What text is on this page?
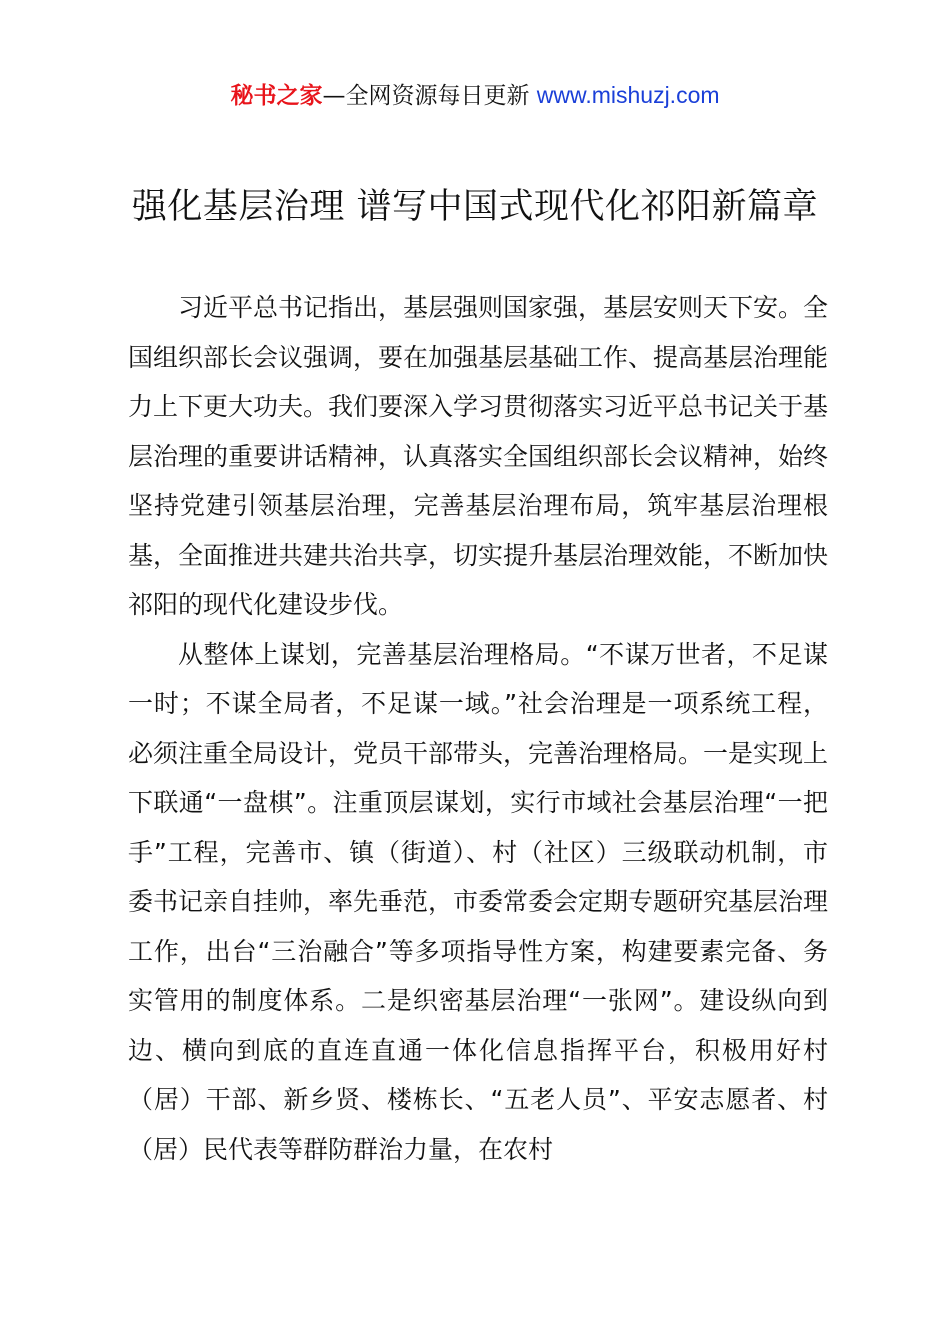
秘书之家—全网资源每日更新 www.mishuzj.com
强化基层治理 谱写中国式现代化祁阳新篇章

习近平总书记指出，基层强则国家强，基层安则天下安。全国组织部长会议强调，要在加强基层基础工作、提高基层治理能力上下更大功夫。我们要深入学习贯彻落实习近平总书记关于基层治理的重要讲话精神，认真落实全国组织部长会议精神，始终坚持党建引领基层治理，完善基层治理布局，筑牢基层治理根基，全面推进共建共治共享，切实提升基层治理效能，不断加快祁阳的现代化建设步伐。

从整体上谋划，完善基层治理格局。“不谋万世者，不足谋一时；不谋全局者，不足谋一域。”社会治理是一项系统工程，必须注重全局设计，党员干部带头，完善治理格局。一是实现上下联通“一盘棋”。注重顶层谋划，实行市域社会基层治理“一把手”工程，完善市、镇（街道）、村（社区）三级联动机制，市委书记亲自挂帅，率先垂范，市委常委会定期专题研究基层治理工作，出台“三治融合”等多项指导性方案，构建要素完备、务实管用的制度体系。二是织密基层治理“一张网”。建设纵向到边、横向到底的直连直通一体化信息指挥平台，积极用好村（居）干部、新乡贤、楼栋长、“五老人员”、平安志愿者、村（居）民代表等群防群治力量，在农村
